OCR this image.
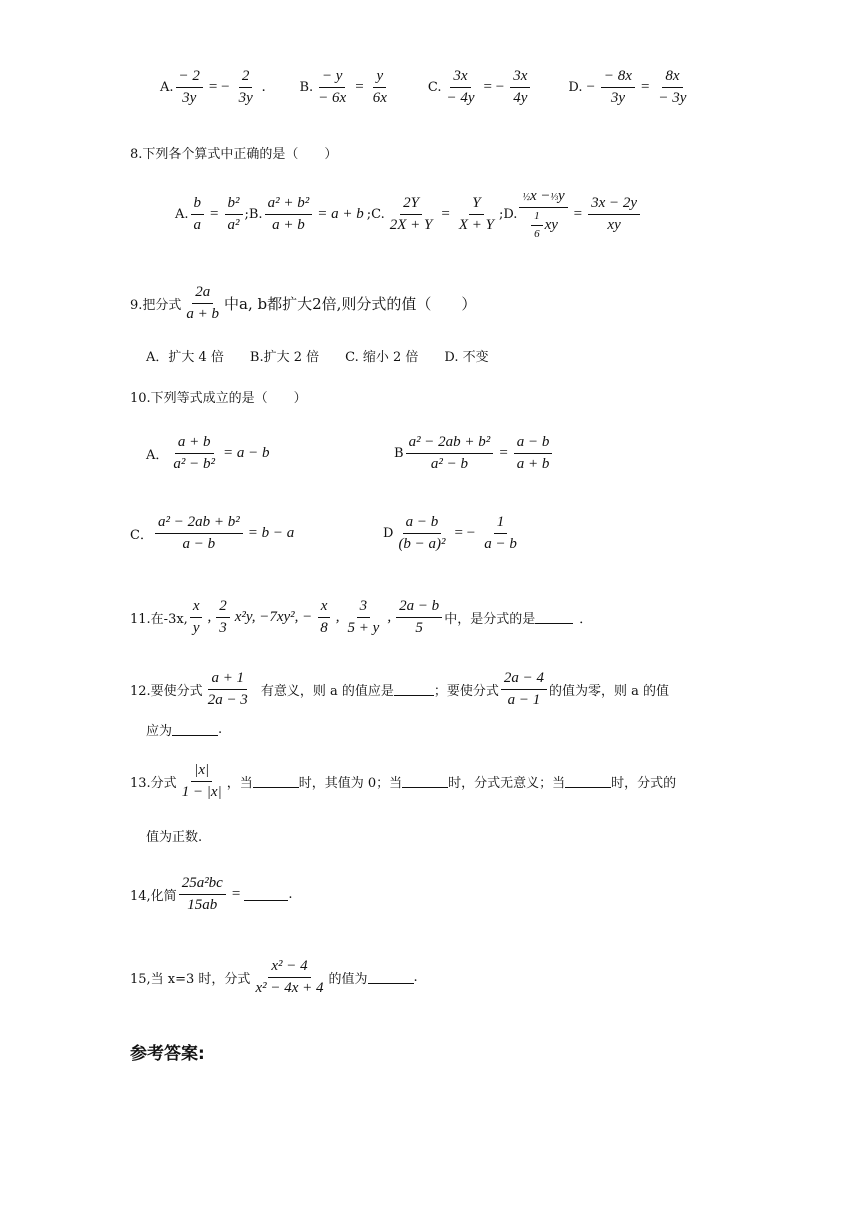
A. $\frac{- 2}{3y}$ = − $\frac{2}{3y}$ .	B. $\frac{- y}{- 6x} = \frac{y}{6x}$	C. $\frac{3x}{- 4y}$ = − $\frac{3x}{4y}$	D. − $\frac{- 8x}{3y} = \frac{8x}{- 3y}$
8.下列各个算式中正确的是（　　）
A. $\frac{b}{a} = \frac{\text{b²}}{\text{a²}}$ ;B. $\frac{\text{a² + b²}}{a + b} = a + b$ ;C. $\frac{2Y}{2X + Y} = \frac{Y}{X + Y}$ ;D. $\frac{\text{½x −⅓y}}{\frac{1}{6} xy} = \frac{3x - 2y}{xy}$
9.把分式 $\frac{2a}{a + b}$ 中a, b都扩大2倍,则分式的值（　　）
A．扩大 4 倍　　B.扩大 2 倍　　C. 缩小 2 倍　　D. 不变
10.下列等式成立的是（　　）
A． $\frac{a + b}{\text{a² − b²}} = a - b$	B $\frac{\text{a² − 2ab + b²}}{\text{a² − b}} = \frac{a - b}{a + b}$
C． $\frac{\text{a² − 2ab + b²}}{a - b} = b - a$	D $\frac{a - b}{\text{(b − a)²}}$ = − $\frac{1}{a - b}$
11.在-3x, $\frac{x}{y}$ , $\frac{2}{3} x^2y$, −7xy², − $\frac{x}{8}$ , $\frac{3}{5 + y}$ , $\frac{2a - b}{5}$ 中，是分式的是	．
12.要使分式 $\frac{a + 1}{2a - 3}$ 有意义，则 a 的值应是	；要使分式 $\frac{2a - 4}{a - 1}$ 的值为零，则 a 的值
应为	.
13.分式 $\frac{|x|}{1 - |x|}$ ，当	时，其值为 0；当	时，分式无意义；当	时，分式的
值为正数.
14,化简 $\frac{\text{25a²bc}}{15ab}$ =	.
15,当 x=3 时，分式 $\frac{\text{x² − 4}}{\text{x² − 4x + 4}}$ 的值为	.
参考答案:
